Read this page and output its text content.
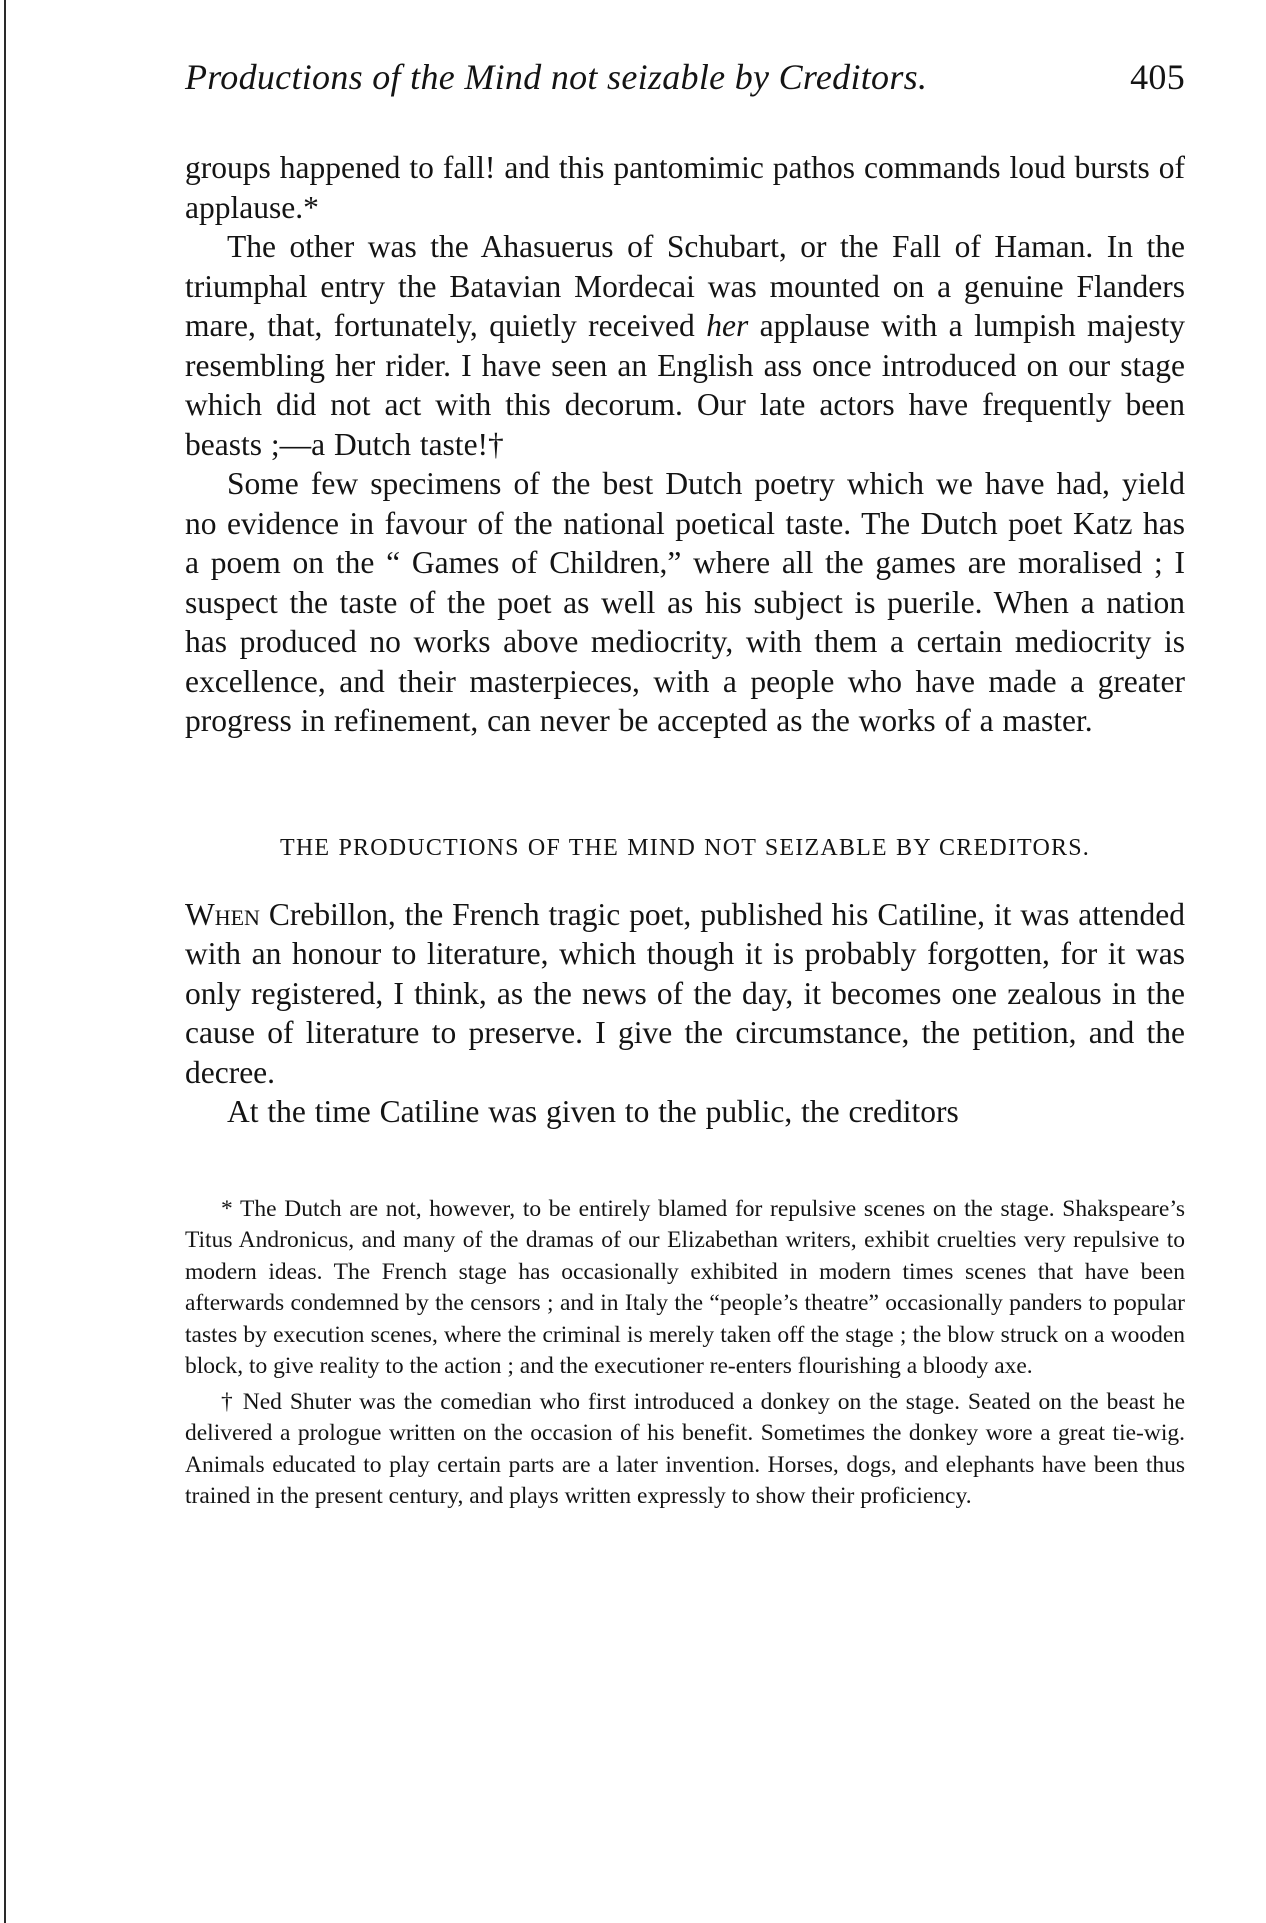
Productions of the Mind not seizable by Creditors.	405

groups happened to fall! and this pantomimic pathos commands loud bursts of applause.*

The other was the Ahasuerus of Schubart, or the Fall of Haman. In the triumphal entry the Batavian Mordecai was mounted on a genuine Flanders mare, that, fortunately, quietly received her applause with a lumpish majesty resembling her rider. I have seen an English ass once introduced on our stage which did not act with this decorum. Our late actors have frequently been beasts ;—a Dutch taste!†

Some few specimens of the best Dutch poetry which we have had, yield no evidence in favour of the national poetical taste. The Dutch poet Katz has a poem on the “ Games of Children,” where all the games are moralised ; I suspect the taste of the poet as well as his subject is puerile. When a nation has produced no works above mediocrity, with them a certain mediocrity is excellence, and their masterpieces, with a people who have made a greater progress in refinement, can never be accepted as the works of a master.

THE PRODUCTIONS OF THE MIND NOT SEIZABLE BY CREDITORS.

When Crebillon, the French tragic poet, published his Catiline, it was attended with an honour to literature, which though it is probably forgotten, for it was only registered, I think, as the news of the day, it becomes one zealous in the cause of literature to preserve. I give the circumstance, the petition, and the decree.

At the time Catiline was given to the public, the creditors

* The Dutch are not, however, to be entirely blamed for repulsive scenes on the stage. Shakspeare’s Titus Andronicus, and many of the dramas of our Elizabethan writers, exhibit cruelties very repulsive to modern ideas. The French stage has occasionally exhibited in modern times scenes that have been afterwards condemned by the censors ; and in Italy the “people’s theatre” occasionally panders to popular tastes by execution scenes, where the criminal is merely taken off the stage ; the blow struck on a wooden block, to give reality to the action ; and the executioner re-enters flourishing a bloody axe.

† Ned Shuter was the comedian who first introduced a donkey on the stage. Seated on the beast he delivered a prologue written on the occasion of his benefit. Sometimes the donkey wore a great tie-wig. Animals educated to play certain parts are a later invention. Horses, dogs, and elephants have been thus trained in the present century, and plays written expressly to show their proficiency.
